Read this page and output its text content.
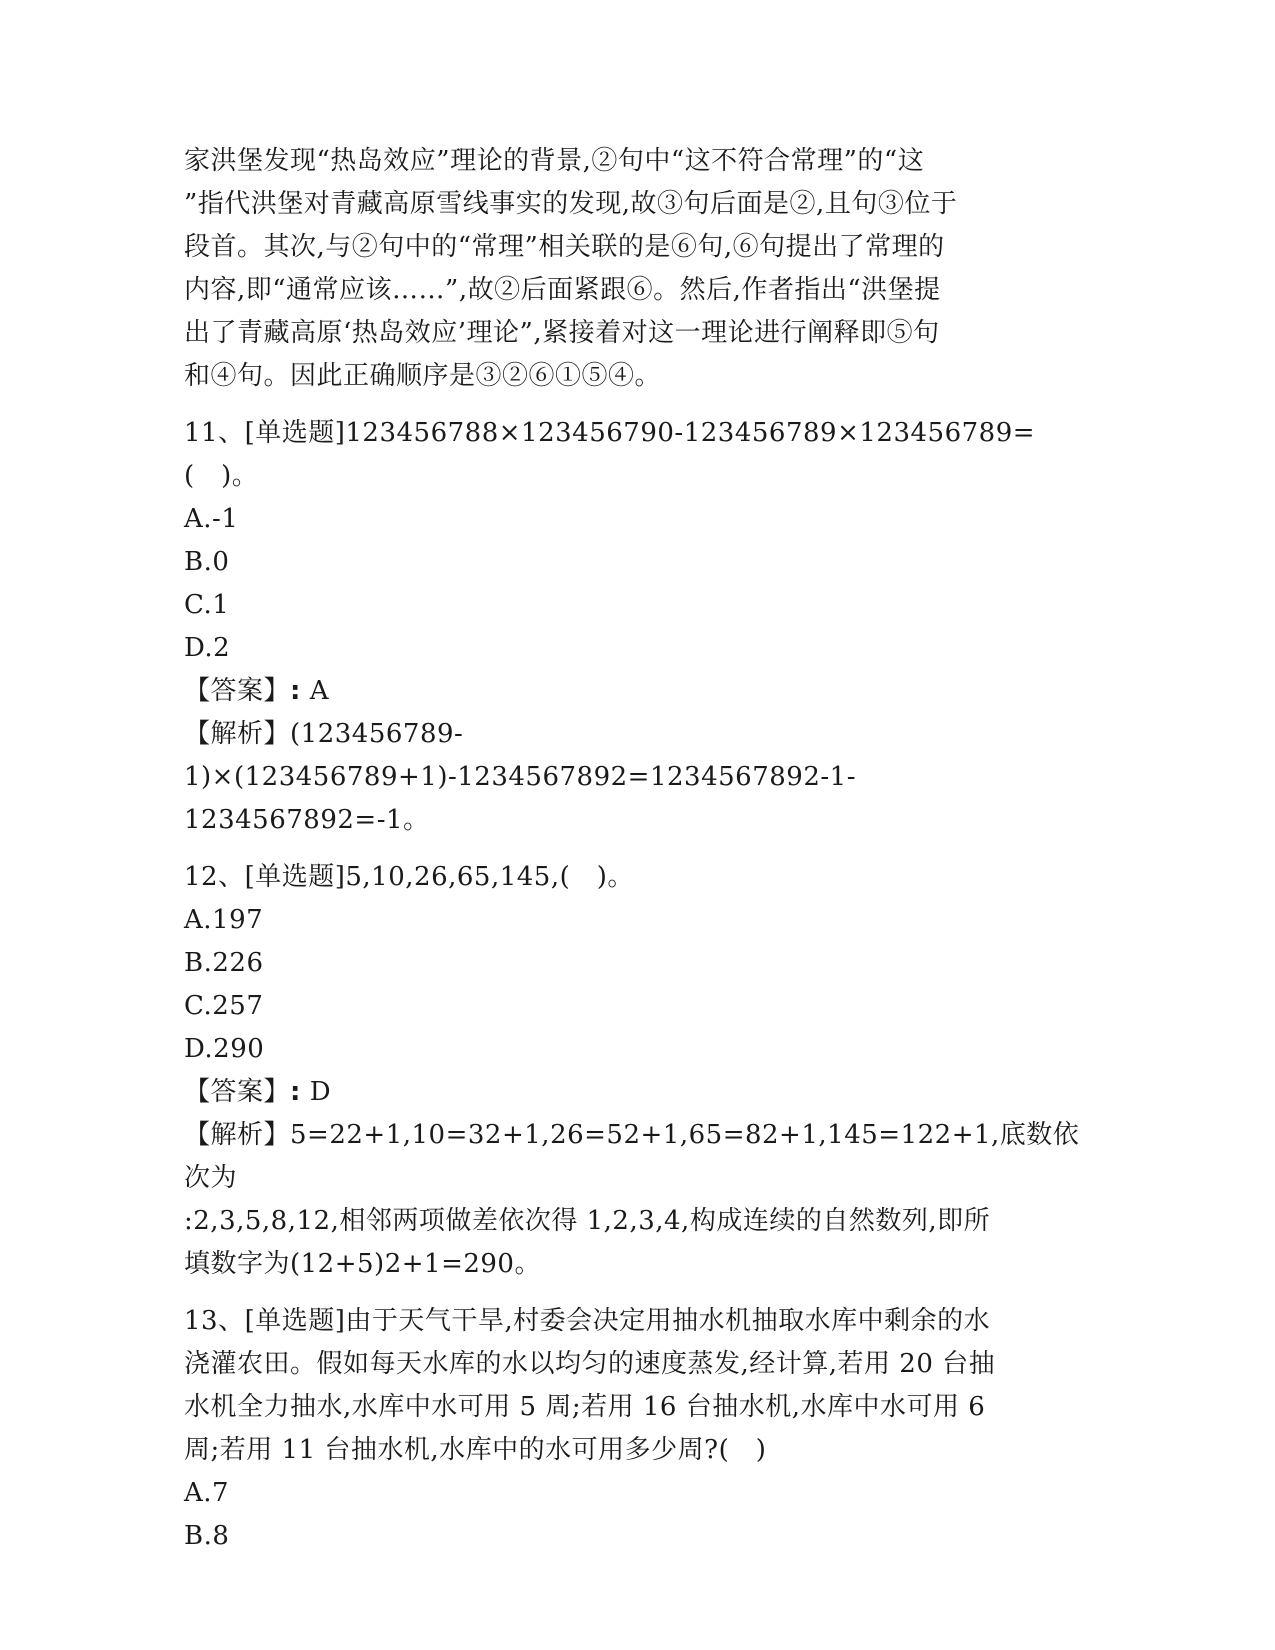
家洪堡发现“热岛效应”理论的背景,②句中“这不符合常理”的“这
”指代洪堡对青藏高原雪线事实的发现,故③句后面是②,且句③位于
段首。其次,与②句中的“常理”相关联的是⑥句,⑥句提出了常理的
内容,即“通常应该……”,故②后面紧跟⑥。然后,作者指出“洪堡提
出了青藏高原‘热岛效应’理论”,紧接着对这一理论进行阐释即⑤句
和④句。因此正确顺序是③②⑥①⑤④。
11、[单选题]123456788×123456790-123456789×123456789=(　)。
A.-1
B.0
C.1
D.2
【答案】: A
【解析】(123456789-1)×(123456789+1)-1234567892=1234567892-1-
1234567892=-1。
12、[单选题]5,10,26,65,145,(　)。
A.197
B.226
C.257
D.290
【答案】: D
【解析】5=22+1,10=32+1,26=52+1,65=82+1,145=122+1,底数依次为
:2,3,5,8,12,相邻两项做差依次得 1,2,3,4,构成连续的自然数列,即所
填数字为(12+5)2+1=290。
13、[单选题]由于天气干旱,村委会决定用抽水机抽取水库中剩余的水
浇灌农田。假如每天水库的水以均匀的速度蒸发,经计算,若用 20 台抽
水机全力抽水,水库中水可用 5 周;若用 16 台抽水机,水库中水可用 6
周;若用 11 台抽水机,水库中的水可用多少周?(　)
A.7
B.8
